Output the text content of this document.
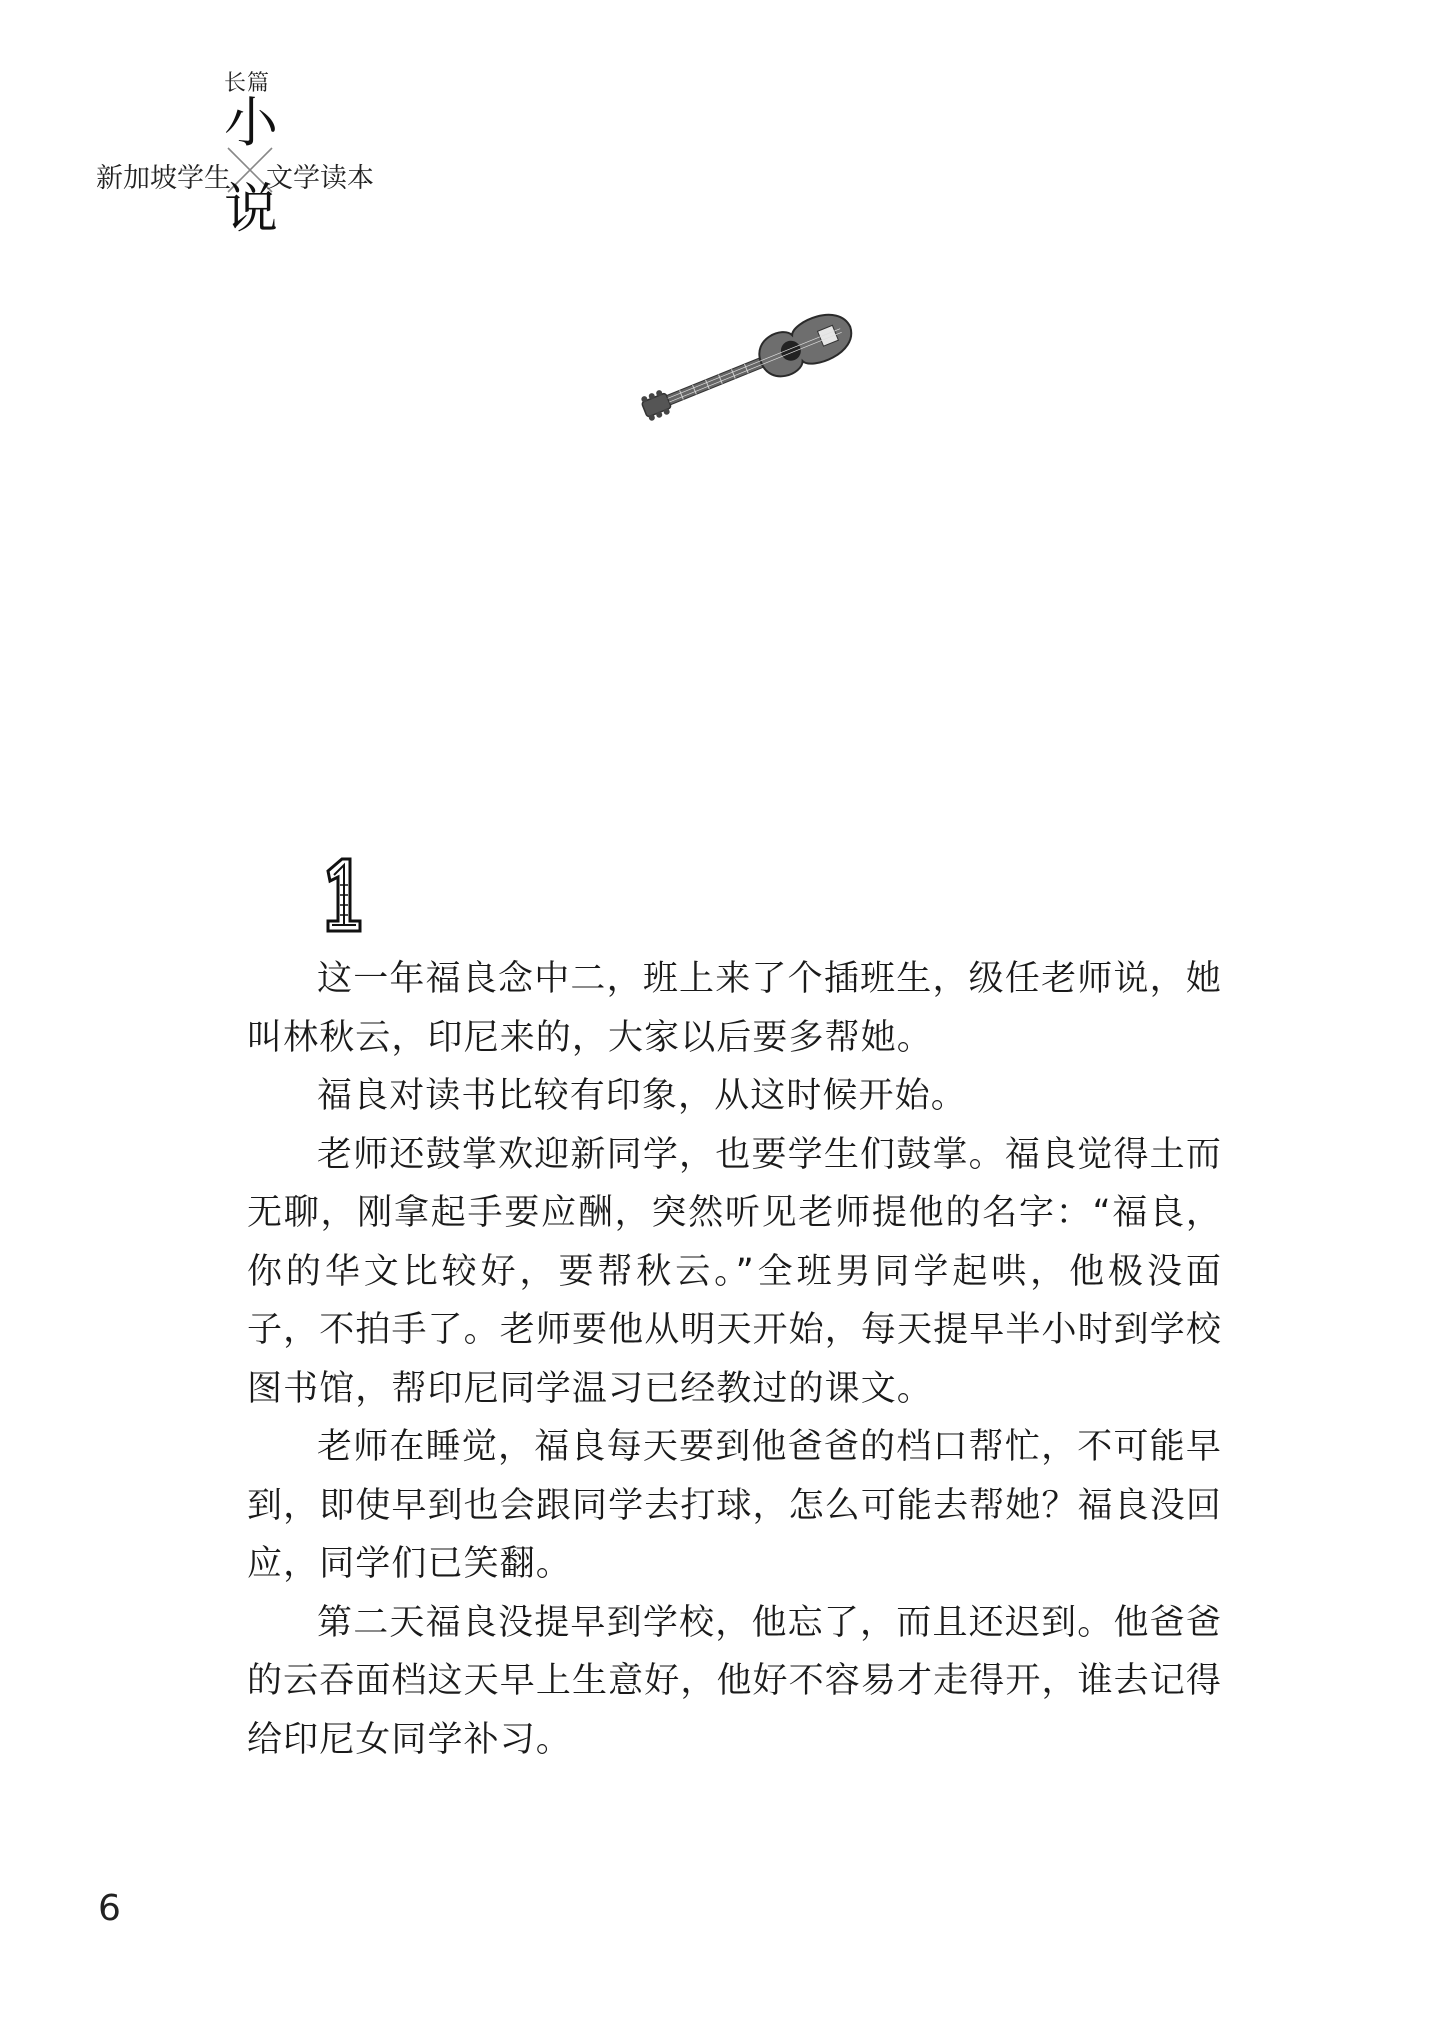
长篇
小
新加坡学生 文学读本
说

这一年福良念中二，班上来了个插班生，级任老师说，她叫林秋云，印尼来的，大家以后要多帮她。

福良对读书比较有印象，从这时候开始。

老师还鼓掌欢迎新同学，也要学生们鼓掌。福良觉得土而无聊，刚拿起手要应酬，突然听见老师提他的名字：“福良，你的华文比较好，要帮秋云。”全班男同学起哄，他极没面子，不拍手了。老师要他从明天开始，每天提早半小时到学校图书馆，帮印尼同学温习已经教过的课文。

老师在睡觉，福良每天要到他爸爸的档口帮忙，不可能早到，即使早到也会跟同学去打球，怎么可能去帮她？福良没回应，同学们已笑翻。

第二天福良没提早到学校，他忘了，而且还迟到。他爸爸的云吞面档这天早上生意好，他好不容易才走得开，谁去记得给印尼女同学补习。

6
